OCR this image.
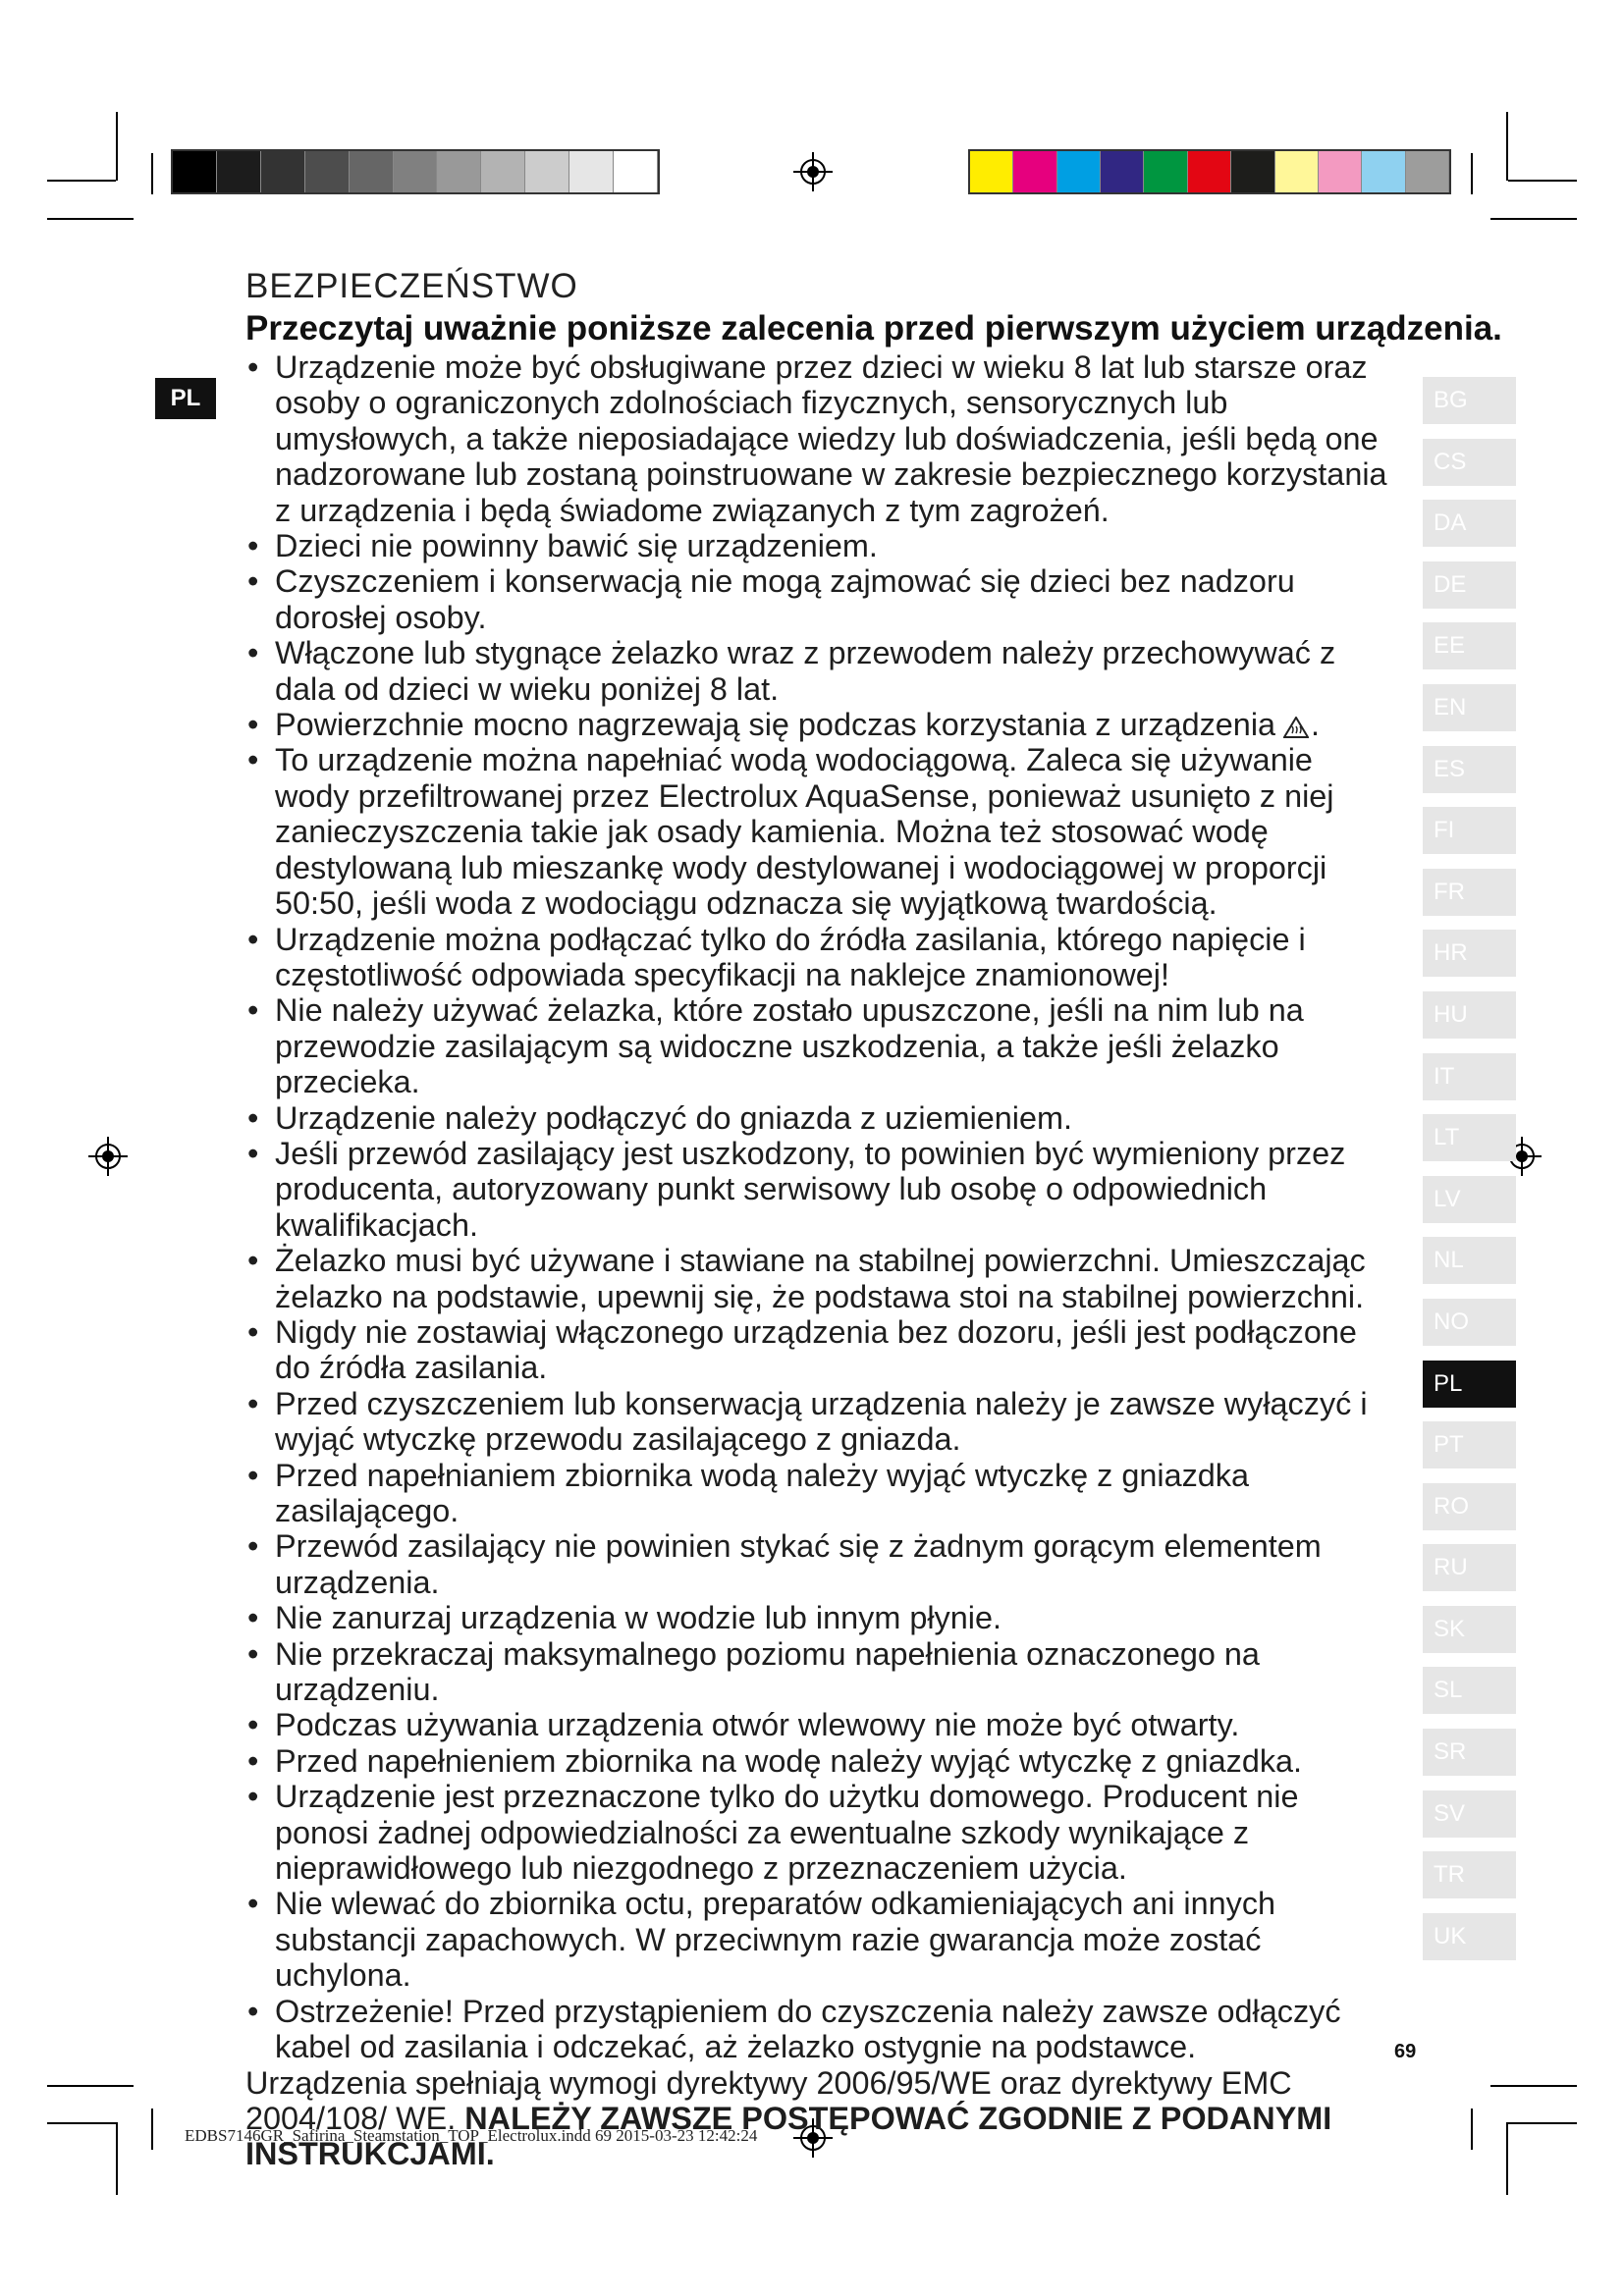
PL	BG
CS
DA
DE
EE
EN
ES
FI
FR
HR
HU
IT
LT
LV
NL
NO
PL
PT
RO
RU
SK
SL
SR
SV
TR
UK
BEZPIECZEŃSTWO

Przeczytaj uważnie poniższe zalecenia przed pierwszym użyciem urządzenia.

• Urządzenie może być obsługiwane przez dzieci w wieku 8 lat lub starsze oraz osoby o ograniczonych zdolnościach fizycznych, sensorycznych lub umysłowych, a także nieposiadające wiedzy lub doświadczenia, jeśli będą one nadzorowane lub zostaną poinstruowane w zakresie bezpiecznego korzystania z urządzenia i będą świadome związanych z tym zagrożeń.
• Dzieci nie powinny bawić się urządzeniem.
• Czyszczeniem i konserwacją nie mogą zajmować się dzieci bez nadzoru dorosłej osoby.
• Włączone lub stygnące żelazko wraz z przewodem należy przechowywać z dala od dzieci w wieku poniżej 8 lat.
• Powierzchnie mocno nagrzewają się podczas korzystania z urządzenia .
• To urządzenie można napełniać wodą wodociągową. Zaleca się używanie wody przefiltrowanej przez Electrolux AquaSense, ponieważ usunięto z niej zanieczyszczenia takie jak osady kamienia. Można też stosować wodę destylowaną lub mieszankę wody destylowanej i wodociągowej w proporcji 50:50, jeśli woda z wodociągu odznacza się wyjątkową twardością.
• Urządzenie można podłączać tylko do źródła zasilania, którego napięcie i częstotliwość odpowiada specyfikacji na naklejce znamionowej!
• Nie należy używać żelazka, które zostało upuszczone, jeśli na nim lub na przewodzie zasilającym są widoczne uszkodzenia, a także jeśli żelazko przecieka.
• Urządzenie należy podłączyć do gniazda z uziemieniem.
• Jeśli przewód zasilający jest uszkodzony, to powinien być wymieniony przez producenta, autoryzowany punkt serwisowy lub osobę o odpowiednich kwalifikacjach.
• Żelazko musi być używane i stawiane na stabilnej powierzchni. Umieszczając żelazko na podstawie, upewnij się, że podstawa stoi na stabilnej powierzchni.
• Nigdy nie zostawiaj włączonego urządzenia bez dozoru, jeśli jest podłączone do źródła zasilania.
• Przed czyszczeniem lub konserwacją urządzenia należy je zawsze wyłączyć i wyjąć wtyczkę przewodu zasilającego z gniazda.
• Przed napełnianiem zbiornika wodą należy wyjąć wtyczkę z gniazdka zasilającego.
• Przewód zasilający nie powinien stykać się z żadnym gorącym elementem urządzenia.
• Nie zanurzaj urządzenia w wodzie lub innym płynie.
• Nie przekraczaj maksymalnego poziomu napełnienia oznaczonego na urządzeniu.
• Podczas używania urządzenia otwór wlewowy nie może być otwarty.
• Przed napełnieniem zbiornika na wodę należy wyjąć wtyczkę z gniazdka.
• Urządzenie jest przeznaczone tylko do użytku domowego. Producent nie ponosi żadnej odpowiedzialności za ewentualne szkody wynikające z nieprawidłowego lub niezgodnego z przeznaczeniem użycia.
• Nie wlewać do zbiornika octu, preparatów odkamieniających ani innych substancji zapachowych. W przeciwnym razie gwarancja może zostać uchylona.
• Ostrzeżenie! Przed przystąpieniem do czyszczenia należy zawsze odłączyć kabel od zasilania i odczekać, aż żelazko ostygnie na podstawce.

Urządzenia spełniają wymogi dyrektywy 2006/95/WE oraz dyrektywy EMC 2004/108/ WE. NALEŻY ZAWSZE POSTĘPOWAĆ ZGODNIE Z PODANYMI INSTRUKCJAMI.

69
EDBS7146GR_Safirina_Steamstation_TOP_Electrolux.indd 69 2015-03-23 12:42:24
